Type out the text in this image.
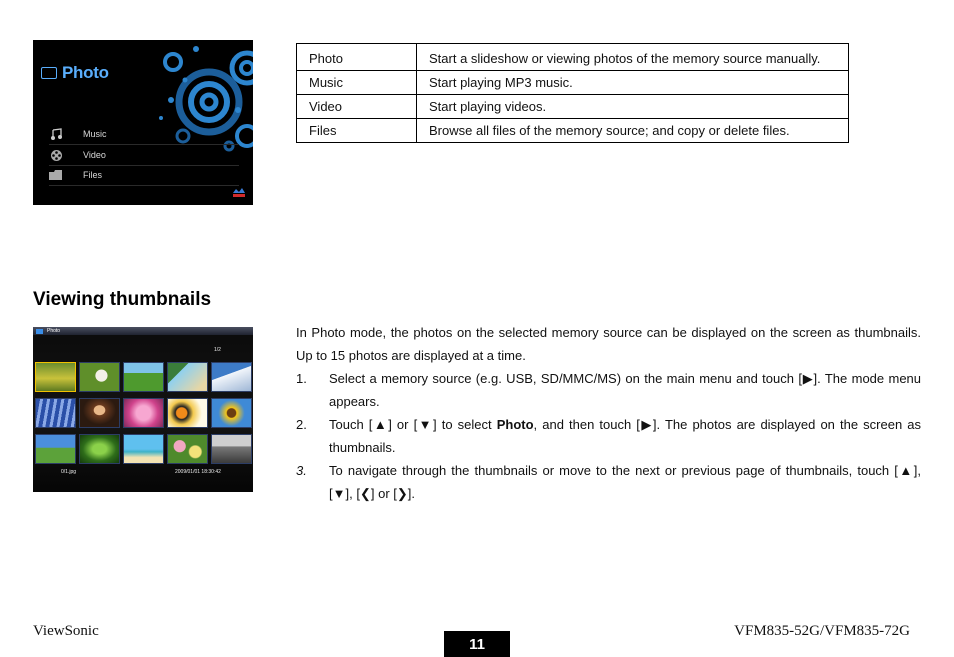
Photo
Music
Video
Files
Photo	Start a slideshow or viewing photos of the memory source manually.
Music	Start playing MP3 music.
Video	Start playing videos.
Files	Browse all files of the memory source; and copy or delete files.
Viewing thumbnails
Photo
1/2
0/1.jpg	2009/01/01 18:30:42

In Photo mode, the photos on the selected memory source can be displayed on the screen as thumbnails. Up to 15 photos are displayed at a time.

1.	Select a memory source (e.g. USB, SD/MMC/MS) on the main menu and touch [▶]. The mode menu appears.
2.	Touch [▲] or [▼] to select Photo, and then touch [▶]. The photos are displayed on the screen as thumbnails.
3.	To navigate through the thumbnails or move to the next or previous page of thumbnails, touch [▲], [▼], [❮] or [❯].
ViewSonic
11
VFM835-52G/VFM835-72G
